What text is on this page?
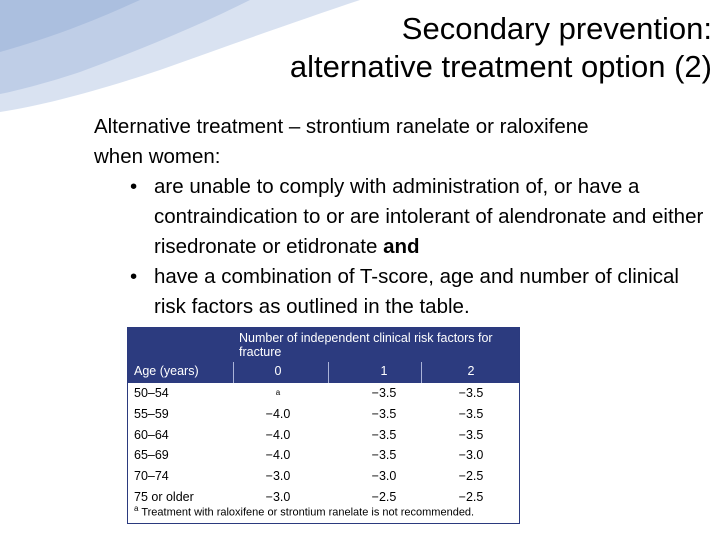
Secondary prevention:
alternative treatment option (2)
Alternative treatment – strontium ranelate or raloxifene
when women:
• are unable to comply with administration of, or have a contraindication to or are intolerant of alendronate and either risedronate or etidronate and
• have a combination of T-score, age and number of clinical risk factors as outlined in the table.
Number of independent clinical risk factors for fracture
Age (years)	0	1	2
50–54	$^a$	−3.5	−3.5
55–59	−4.0	−3.5	−3.5
60–64	−4.0	−3.5	−3.5
65–69	−4.0	−3.5	−3.0
70–74	−3.0	−3.0	−2.5
75 or older	−3.0	−2.5	−2.5
$^a$ Treatment with raloxifene or strontium ranelate is not recommended.
